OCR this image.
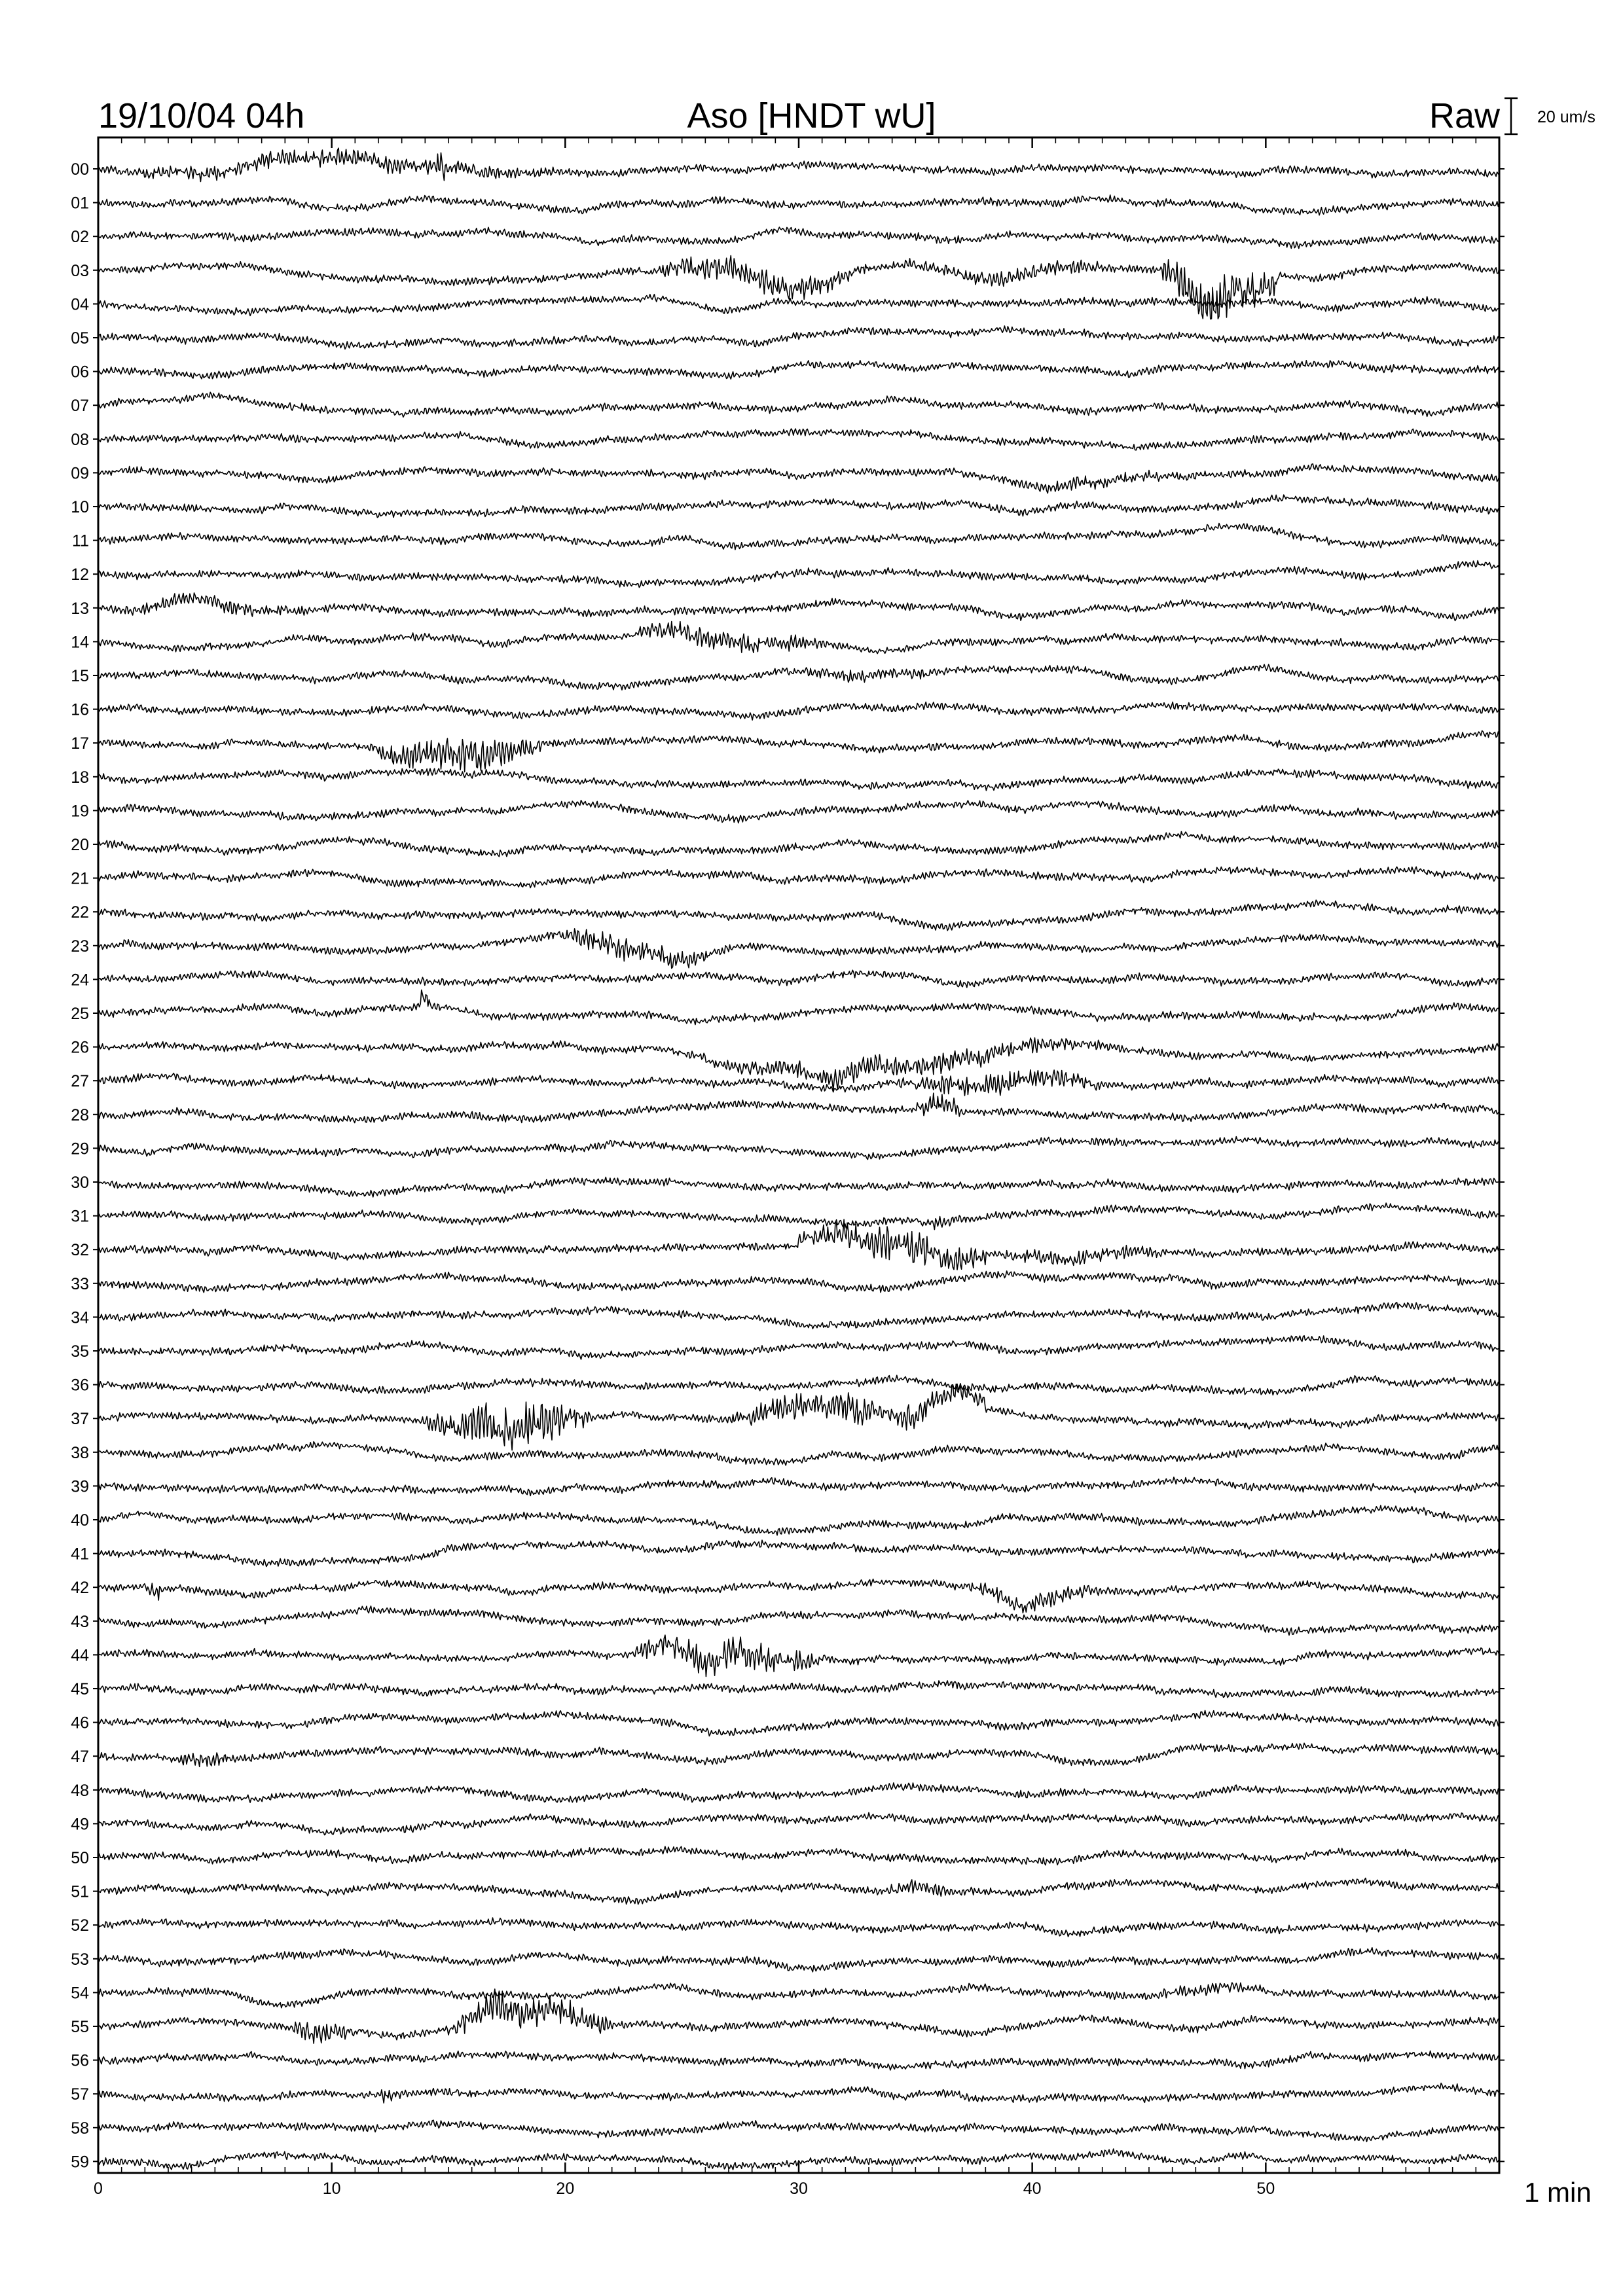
19/10/04 04h	Aso [HNDT wU]	Raw 20 um/s
1 min
00
01
02
03
04
05
06
07
08
09
10
11
12
13
14
15
16
17
18
19
20
21
22
23
24
25
26
27
28
29
30
31
32
33
34
35
36
37
38
39
40
41
42
43
44
45
46
47
48
49
50
51
52
53
54
55
56
57
58
59
0	10	20	30	40	50
